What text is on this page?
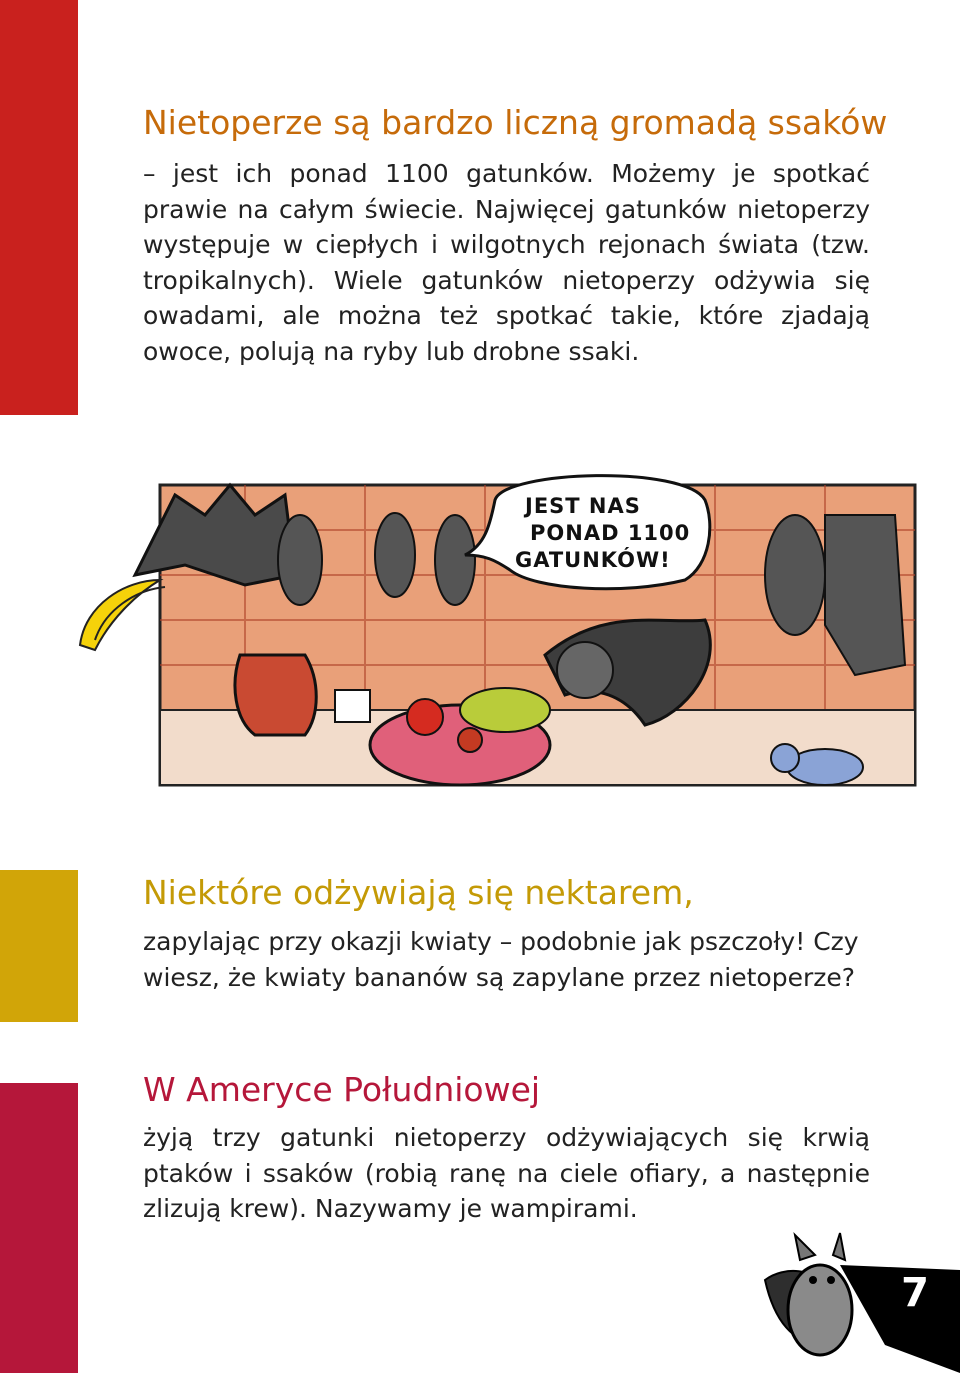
Nietoperze są bardzo liczną gromadą ssaków

– jest ich ponad 1100 gatunków. Możemy je spotkać prawie na całym świecie. Najwięcej gatunków nietoperzy występuje w ciepłych i wilgotnych rejonach świata (tzw. tropikalnych). Wiele gatunków nietoperzy odżywia się owadami, ale można też spotkać takie, które zjadają owoce, polują na ryby lub drobne ssaki.

JEST NAS
PONAD 1100
GATUNKÓW!
Niektóre odżywiają się nektarem,

zapylając przy okazji kwiaty – podobnie jak pszczoły! Czy wiesz, że kwiaty bananów są zapylane przez nietoperze?

W Ameryce Południowej

żyją trzy gatunki nietoperzy odżywiających się krwią ptaków i ssaków (robią ranę na ciele ofiary, a następnie zlizują krew). Nazywamy je wampirami.

7
